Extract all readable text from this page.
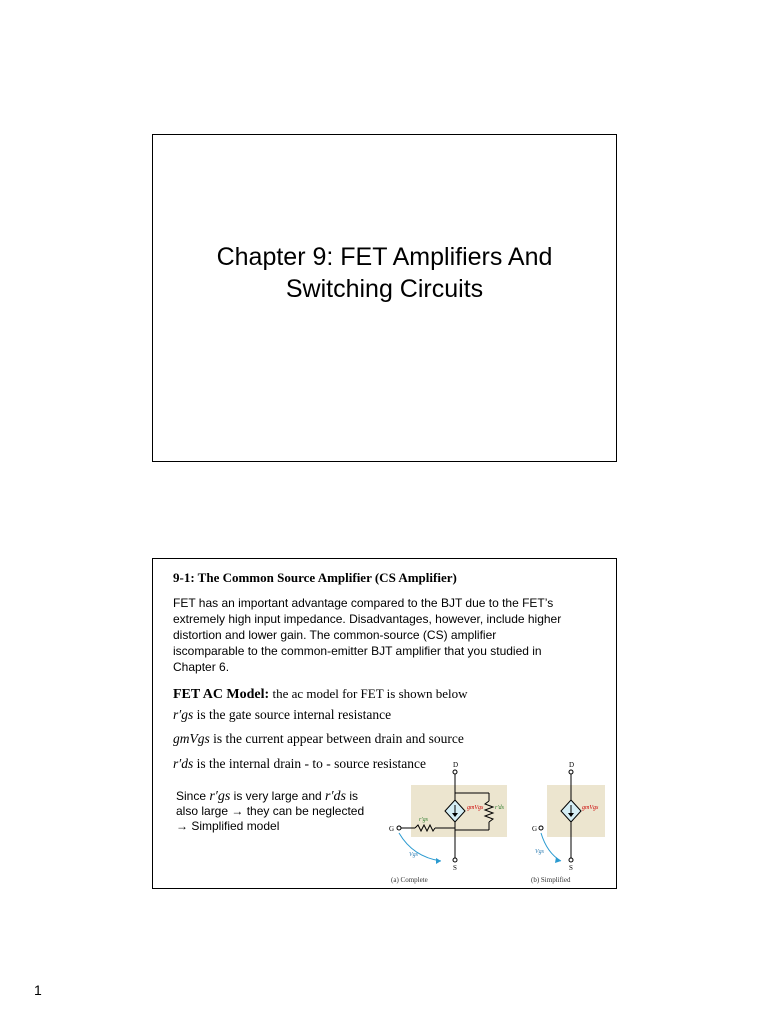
Chapter 9: FET Amplifiers And
Switching Circuits
9-1: The Common Source Amplifier (CS Amplifier)
FET has an important advantage compared to the BJT due to the FET’s
extremely high input impedance. Disadvantages, however, include higher
distortion and lower gain. The common-source (CS) amplifier
iscomparable to the common-emitter BJT amplifier that you studied in
Chapter 6.
FET AC Model: the ac model for FET is shown below
r′gs is the gate source internal resistance
gmVgs is the current appear between drain and source
r′ds is the internal drain - to - source resistance
Since r′gs is very large and r′ds is
also large → they can be neglected
→ Simplified model
D
gmVgs r′ds
G
r′gs
Vgs
S
(a) Complete
D
gmVgs
G
Vgs
S
(b) Simplified
1
